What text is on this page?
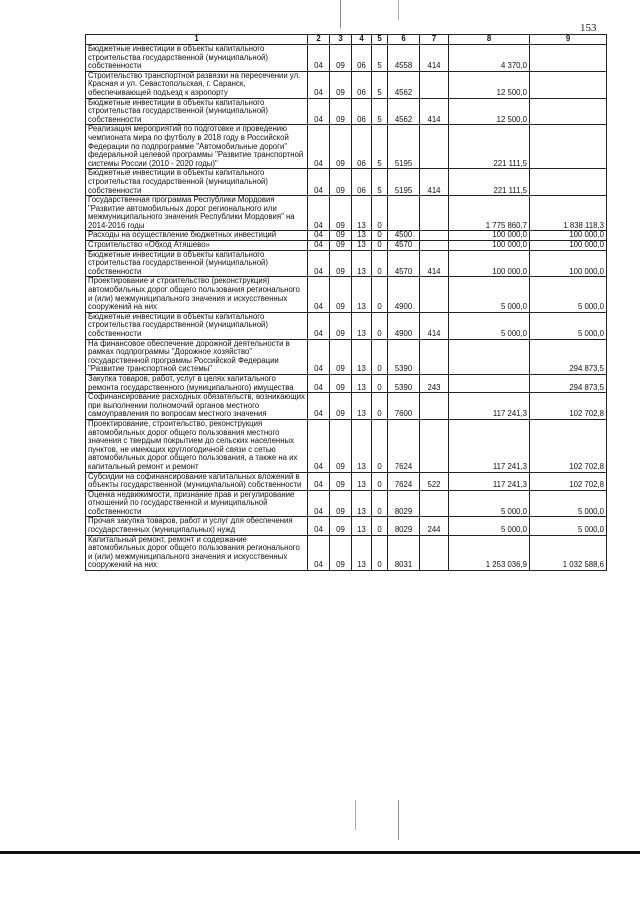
153
1	2	3	4	5	6	7	8	9
Бюджетные инвестиции в объекты капитального строительства государственной (муниципальной) собственности	04	09	06	5	4558	414	4 370,0	
Строительство транспортной развязки на пересечении ул. Красная и ул. Севастопольская, г. Саранск, обеспечивающей подъезд к аэропорту	04	09	06	5	4562		12 500,0	
Бюджетные инвестиции в объекты капитального строительства государственной (муниципальной) собственности	04	09	06	5	4562	414	12 500,0	
Реализация мероприятий по подготовке и проведению чемпионата мира по футболу в 2018 году в Российской Федерации по подпрограмме "Автомобильные дороги" федеральной целевой программы "Развитие транспортной системы России (2010 - 2020 годы)"	04	09	06	5	5195		221 111,5	
Бюджетные инвестиции в объекты капитального строительства государственной (муниципальной) собственности	04	09	06	5	5195	414	221 111,5	
Государственная программа Республики Мордовия "Развитие автомобильных дорог регионального или межмуниципального значения Республики Мордовия" на 2014-2016 годы	04	09	13	0			1 775 860,7	1 838 118,3
Расходы на осуществление бюджетных инвестиций	04	09	13	0	4500		100 000,0	100 000,0
Строительство «Обход Атяшево»	04	09	13	0	4570		100 000,0	100 000,0
Бюджетные инвестиции в объекты капитального строительства государственной (муниципальной) собственности	04	09	13	0	4570	414	100 000,0	100 000,0
Проектирование и строительство (реконструкция) автомобильных дорог общего пользования регионального и (или) межмуниципального значения и искусственных сооружений на них	04	09	13	0	4900		5 000,0	5 000,0
Бюджетные инвестиции в объекты капитального строительства государственной (муниципальной) собственности	04	09	13	0	4900	414	5 000,0	5 000,0
На финансовое обеспечение дорожной деятельности в рамках подпрограммы "Дорожное хозяйство" государственной программы Российской Федерации "Развитие транспортной системы"	04	09	13	0	5390			294 873,5
Закупка товаров, работ, услуг в целях капитального ремонта государственного (муниципального) имущества	04	09	13	0	5390	243		294 873,5
Софинансирование расходных обязательств, возникающих при выполнении полномочий органов местного самоуправления по вопросам местного значения	04	09	13	0	7600		117 241,3	102 702,8
Проектирование, строительство, реконструкция автомобильных дорог общего пользования местного значения с твердым покрытием до сельских населенных пунктов, не имеющих круглогодичной связи с сетью автомобильных дорог общего пользования, а также на их капитальный ремонт и ремонт	04	09	13	0	7624		117 241,3	102 702,8
Субсидии на софинансирование капитальных вложений в объекты государственной (муниципальной) собственности	04	09	13	0	7624	522	117 241,3	102 702,8
Оценка недвижимости, признание прав и регулирование отношений по государственной и муниципальной собственности	04	09	13	0	8029		5 000,0	5 000,0
Прочая закупка товаров, работ и услуг для обеспечения государственных (муниципальных) нужд	04	09	13	0	8029	244	5 000,0	5 000,0
Капитальный ремонт, ремонт и содержание автомобильных дорог общего пользования регионального и (или) межмуниципального значения и искусственных сооружений на них	04	09	13	0	8031		1 253 036,9	1 032 588,6
